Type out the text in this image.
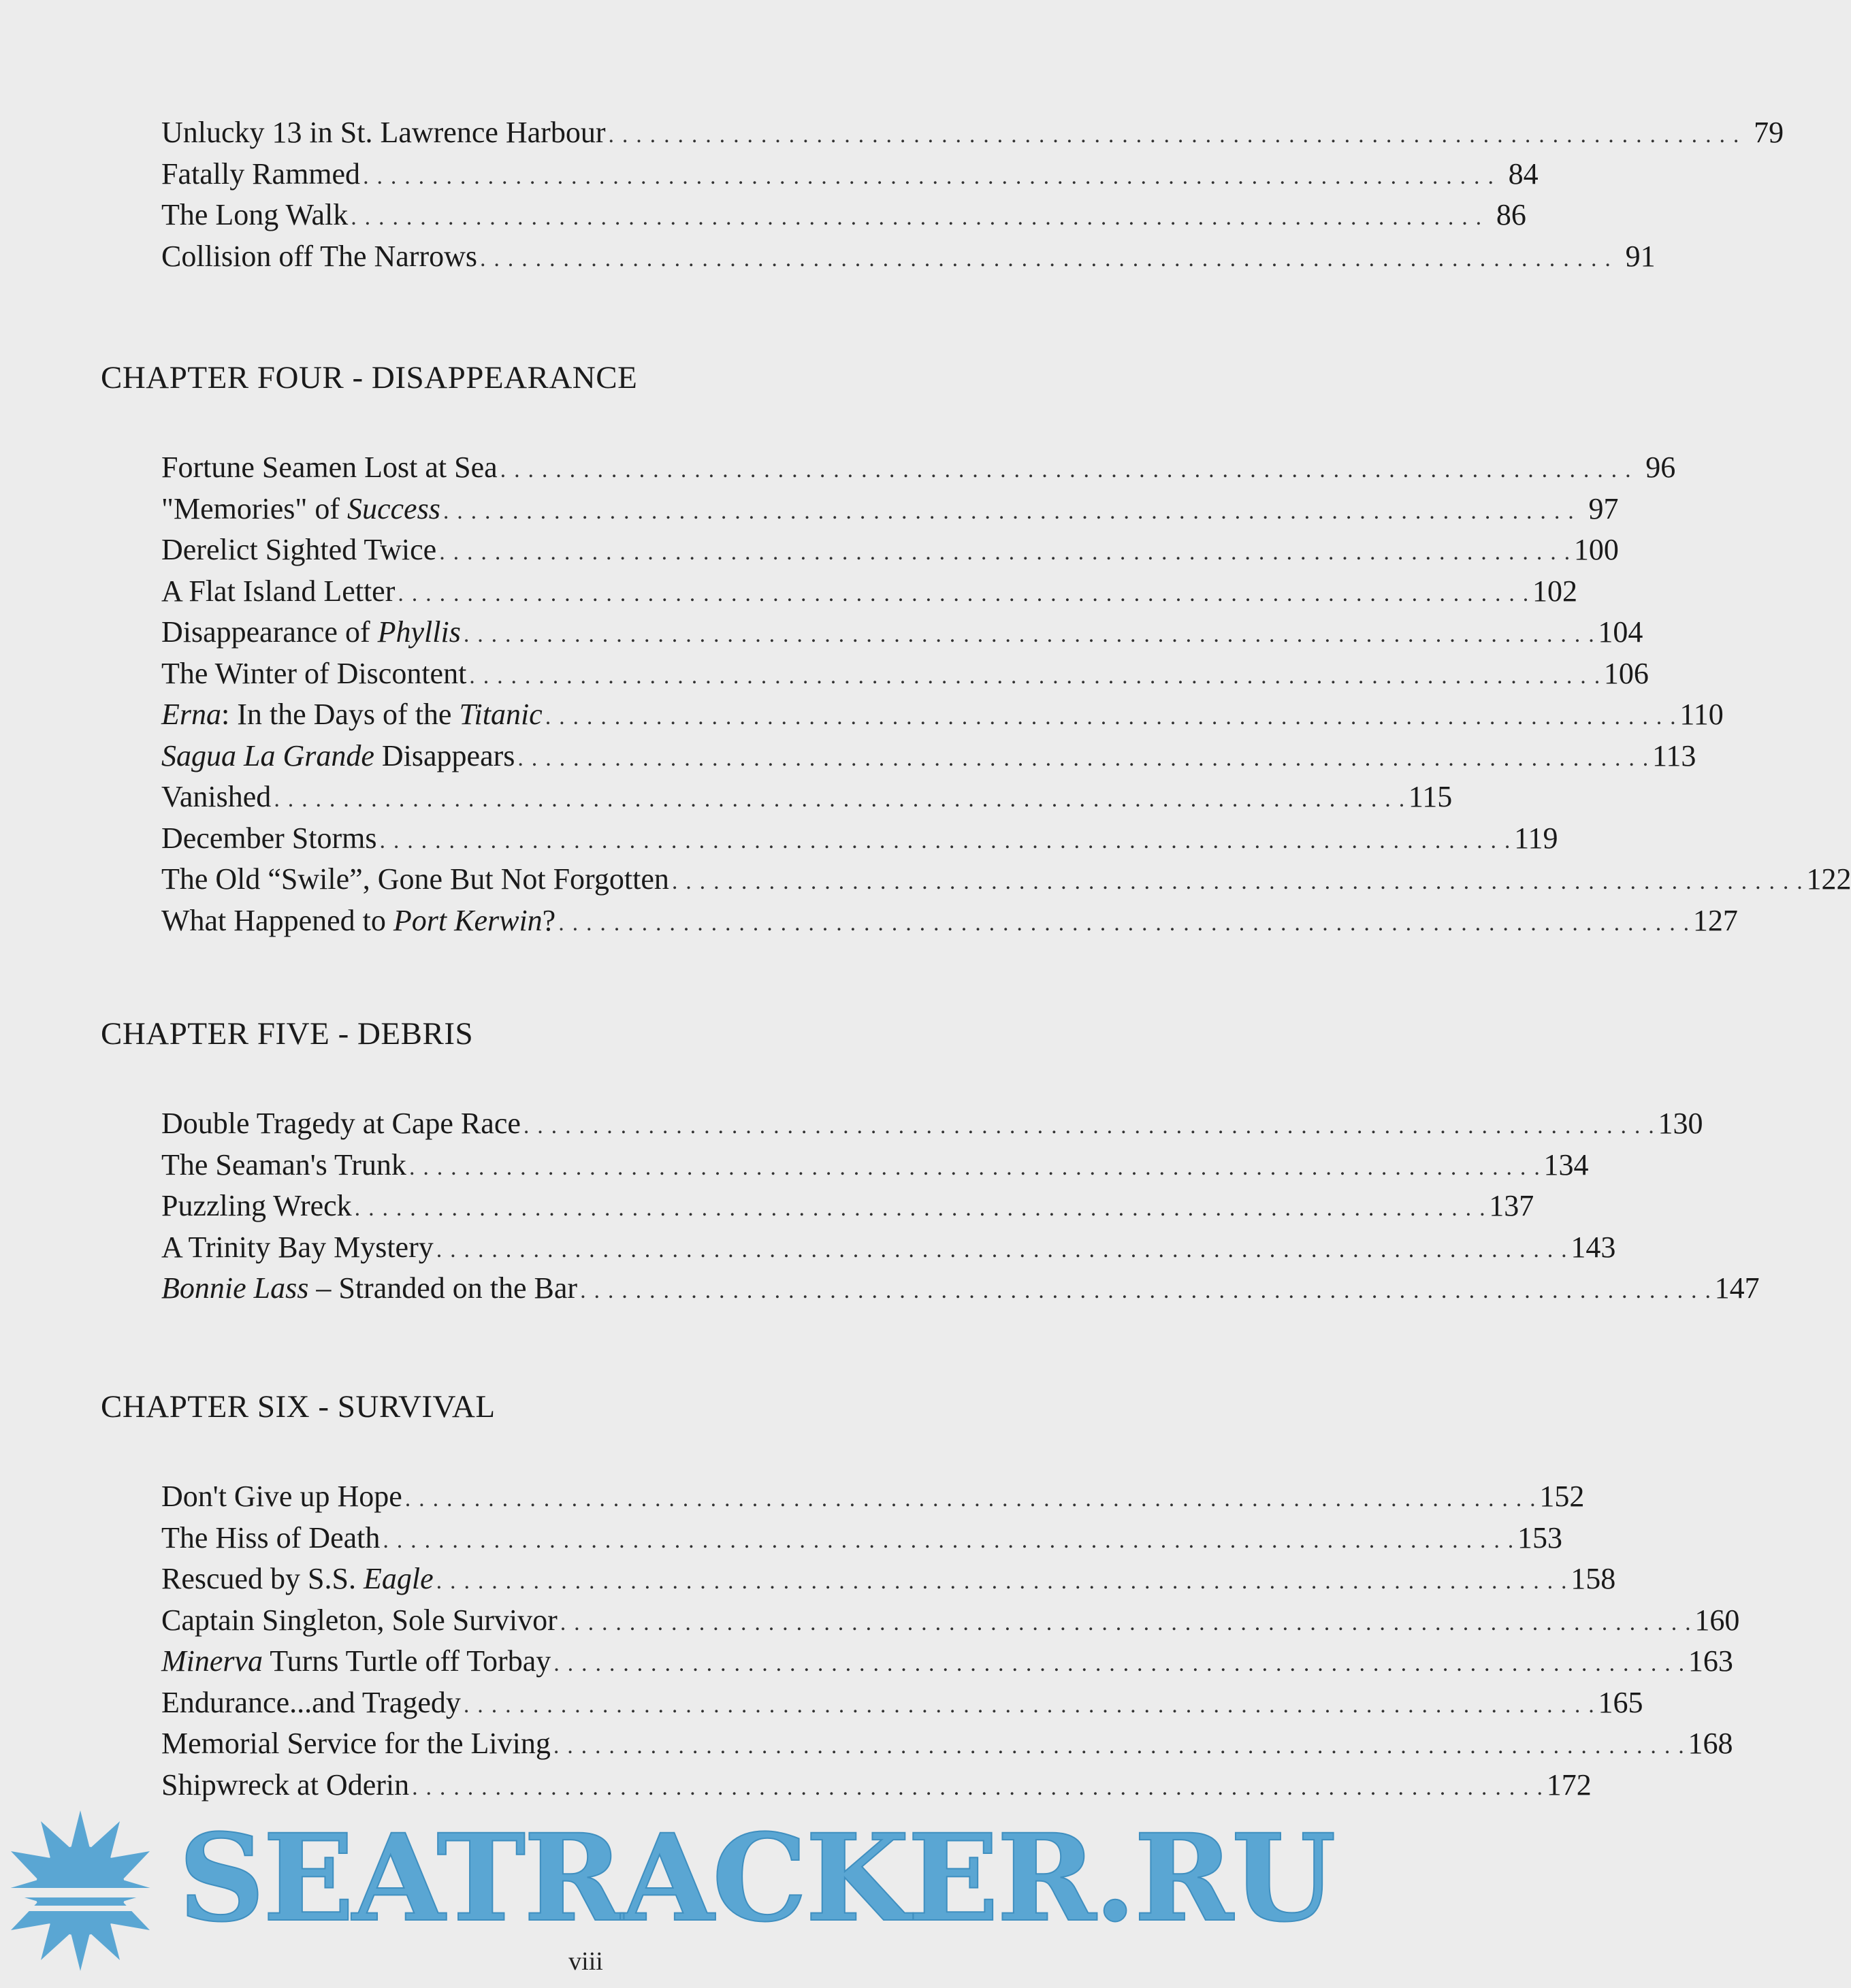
Unlucky 13 in St. Lawrence Harbour . . .	79
Fatally Rammed . . .	84
The Long Walk . . .	86
Collision off The Narrows . . .	91
CHAPTER FOUR - DISAPPEARANCE
Fortune Seamen Lost at Sea . . .	96
"Memories" of Success . . .	97
Derelict Sighted Twice . . .	100
A Flat Island Letter . . .	102
Disappearance of Phyllis . . .	104
The Winter of Discontent . . .	106
Erna: In the Days of the Titanic . . .	110
Sagua La Grande Disappears . . .	113
Vanished . . .	115
December Storms . . .	119
The Old “Swile”, Gone But Not Forgotten . . .	122
What Happened to Port Kerwin? . . .	127
CHAPTER FIVE - DEBRIS
Double Tragedy at Cape Race . . .	130
The Seaman's Trunk . . .	134
Puzzling Wreck . . .	137
A Trinity Bay Mystery . . .	143
Bonnie Lass – Stranded on the Bar . . .	147
CHAPTER SIX - SURVIVAL
Don't Give up Hope . . .	152
The Hiss of Death . . .	153
Rescued by S.S. Eagle . . .	158
Captain Singleton, Sole Survivor . . .	160
Minerva Turns Turtle off Torbay . . .	163
Endurance...and Tragedy . . .	165
Memorial Service for the Living . . .	168
Shipwreck at Oderin . . .	172
SEATRACKER.RU
viii
